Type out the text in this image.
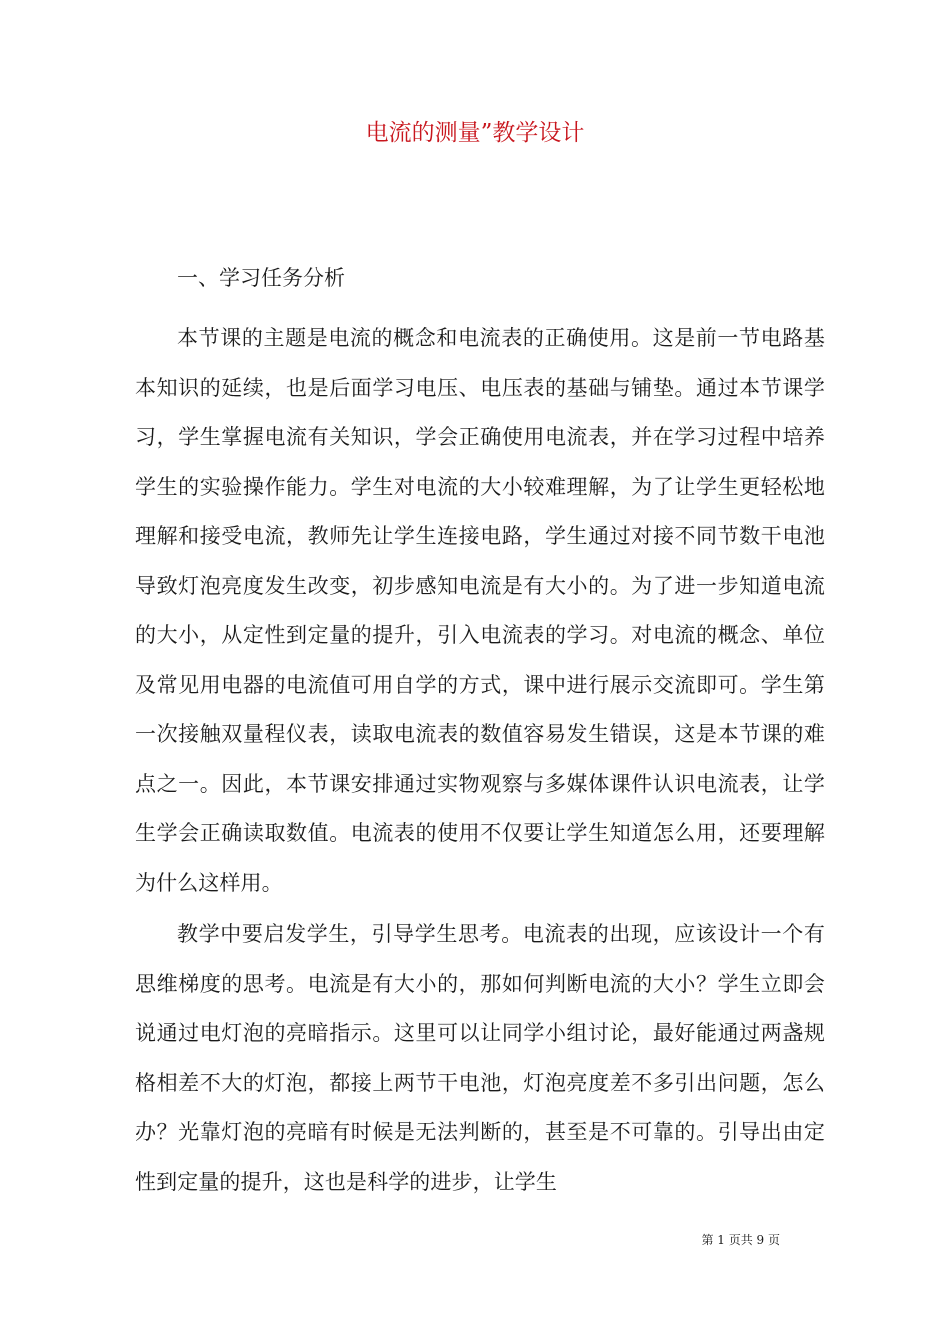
电流的测量”教学设计
一、学习任务分析

本节课的主题是电流的概念和电流表的正确使用。这是前一节电路基本知识的延续，也是后面学习电压、电压表的基础与铺垫。通过本节课学习，学生掌握电流有关知识，学会正确使用电流表，并在学习过程中培养学生的实验操作能力。学生对电流的大小较难理解，为了让学生更轻松地理解和接受电流，教师先让学生连接电路，学生通过对接不同节数干电池导致灯泡亮度发生改变，初步感知电流是有大小的。为了进一步知道电流的大小，从定性到定量的提升，引入电流表的学习。对电流的概念、单位及常见用电器的电流值可用自学的方式，课中进行展示交流即可。学生第一次接触双量程仪表，读取电流表的数值容易发生错误，这是本节课的难点之一。因此，本节课安排通过实物观察与多媒体课件认识电流表，让学生学会正确读取数值。电流表的使用不仅要让学生知道怎么用，还要理解为什么这样用。

教学中要启发学生，引导学生思考。电流表的出现，应该设计一个有思维梯度的思考。电流是有大小的，那如何判断电流的大小？学生立即会说通过电灯泡的亮暗指示。这里可以让同学小组讨论，最好能通过两盏规格相差不大的灯泡，都接上两节干电池，灯泡亮度差不多引出问题，怎么办？光靠灯泡的亮暗有时候是无法判断的，甚至是不可靠的。引导出由定性到定量的提升，这也是科学的进步，让学生

第 1 页共 9 页
